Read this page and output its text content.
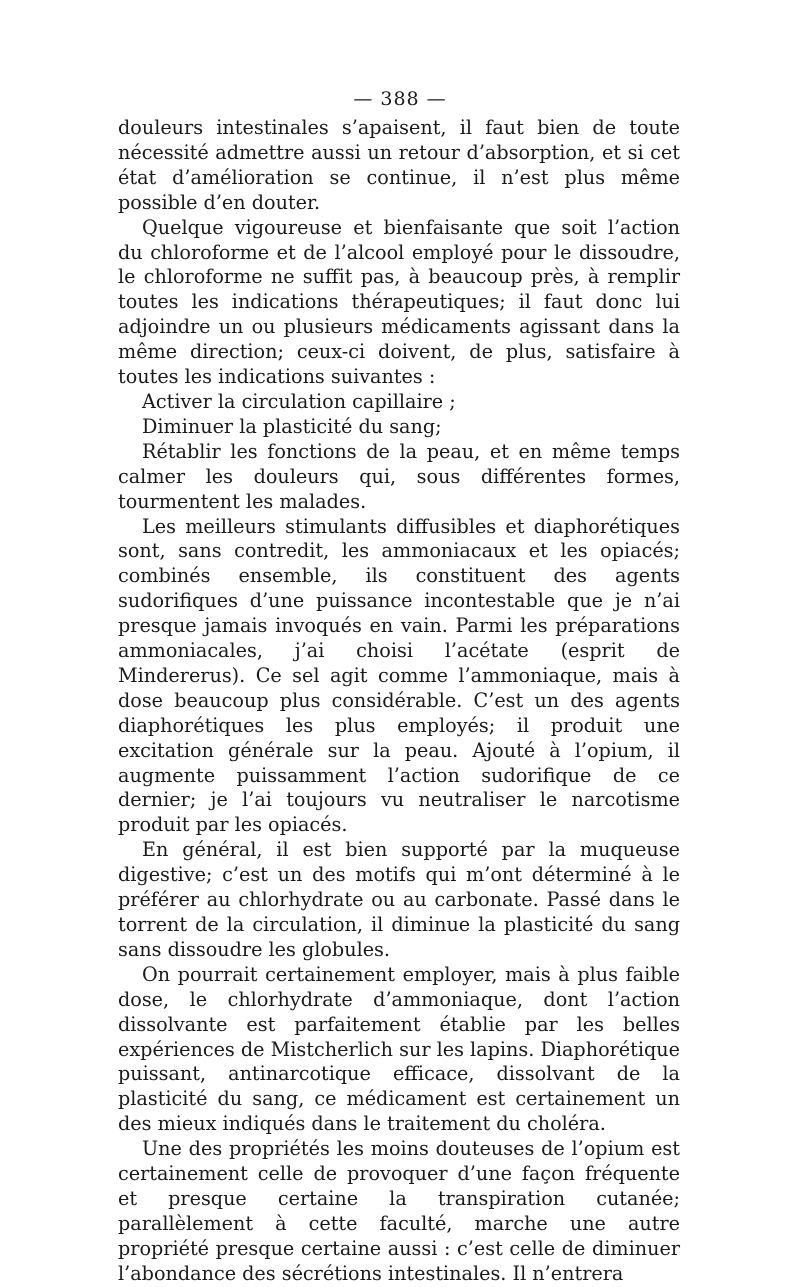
— 388 —

douleurs intestinales s’apaisent, il faut bien de toute nécessité admettre aussi un retour d’absorption, et si cet état d’amélioration se continue, il n’est plus même possible d’en douter.

Quelque vigoureuse et bienfaisante que soit l’action du chloroforme et de l’alcool employé pour le dissoudre, le chloroforme ne suffit pas, à beaucoup près, à remplir toutes les indications thérapeutiques; il faut donc lui adjoindre un ou plusieurs médicaments agissant dans la même direction; ceux-ci doivent, de plus, satisfaire à toutes les indications suivantes :

Activer la circulation capillaire ;

Diminuer la plasticité du sang;

Rétablir les fonctions de la peau, et en même temps calmer les douleurs qui, sous différentes formes, tourmentent les malades.

Les meilleurs stimulants diffusibles et diaphorétiques sont, sans contredit, les ammoniacaux et les opiacés; combinés ensemble, ils constituent des agents sudorifiques d’une puissance incontestable que je n’ai presque jamais invoqués en vain. Parmi les préparations ammoniacales, j’ai choisi l’acétate (esprit de Mindererus). Ce sel agit comme l’ammoniaque, mais à dose beaucoup plus considérable. C’est un des agents diaphorétiques les plus employés; il produit une excitation générale sur la peau. Ajouté à l’opium, il augmente puissamment l’action sudorifique de ce dernier; je l’ai toujours vu neutraliser le narcotisme produit par les opiacés.

En général, il est bien supporté par la muqueuse digestive; c’est un des motifs qui m’ont déterminé à le préférer au chlorhydrate ou au carbonate. Passé dans le torrent de la circulation, il diminue la plasticité du sang sans dissoudre les globules.

On pourrait certainement employer, mais à plus faible dose, le chlorhydrate d’ammoniaque, dont l’action dissolvante est parfaitement établie par les belles expériences de Mistcherlich sur les lapins. Diaphorétique puissant, antinarcotique efficace, dissolvant de la plasticité du sang, ce médicament est certainement un des mieux indiqués dans le traitement du choléra.

Une des propriétés les moins douteuses de l’opium est certainement celle de provoquer d’une façon fréquente et presque certaine la transpiration cutanée; parallèlement à cette faculté, marche une autre propriété presque certaine aussi : c’est celle de diminuer l’abondance des sécrétions intestinales. Il n’entrera
